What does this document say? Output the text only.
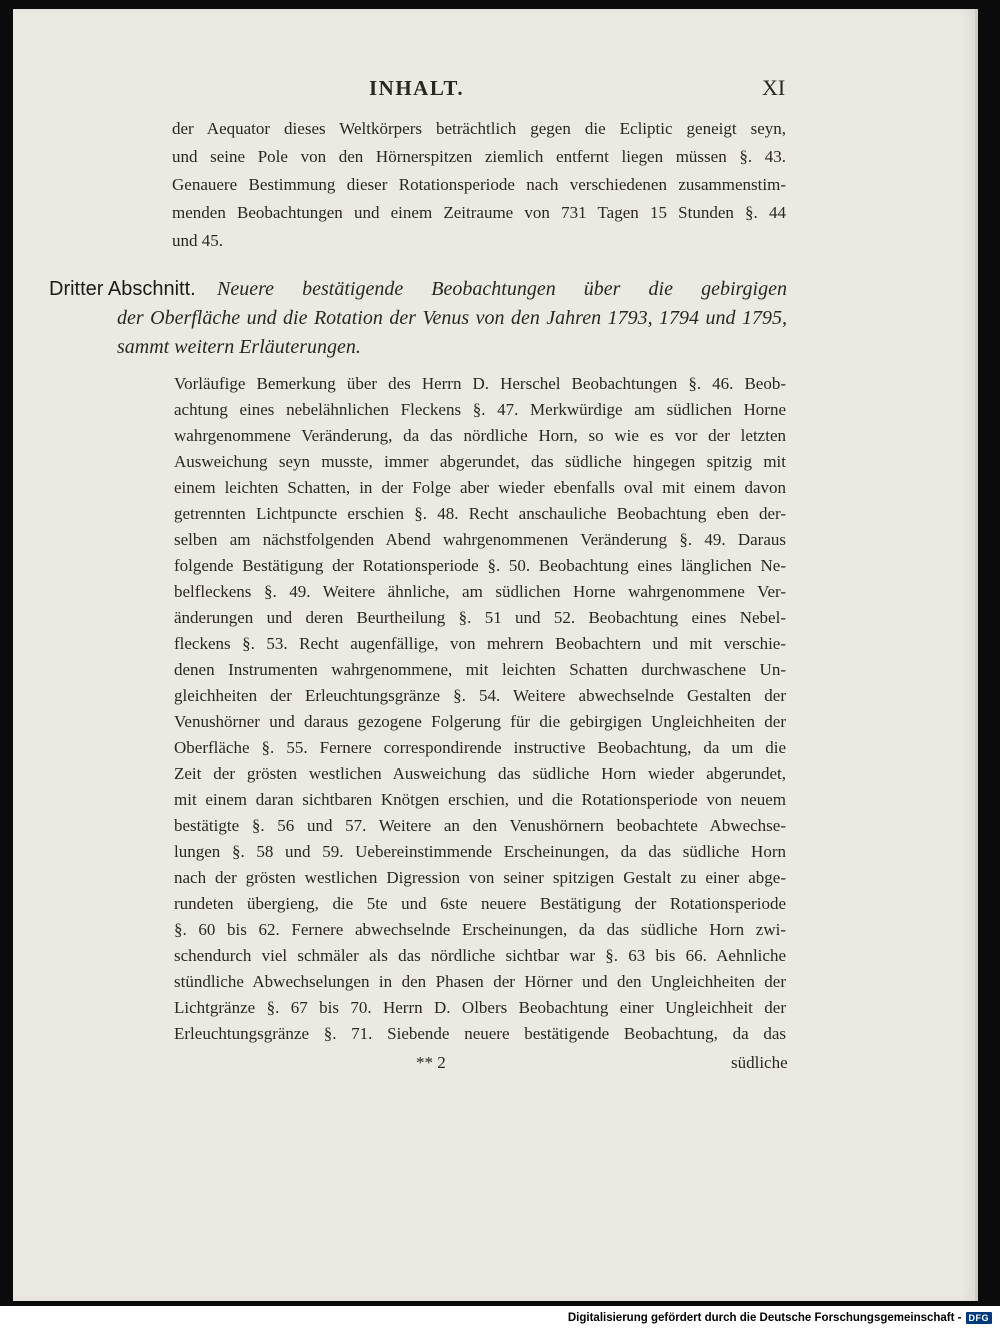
INHALT.	XI
der Aequator dieses Weltkörpers beträchtlich gegen die Ecliptic geneigt seyn,
und seine Pole von den Hörnerspitzen ziemlich entfernt liegen müssen §. 43.
Genauere Bestimmung dieser Rotationsperiode nach verschiedenen zusammenstim-
menden Beobachtungen und einem Zeitraume von 731 Tagen 15 Stunden §. 44
und 45.
Dritter Abschnitt. Neuere bestätigende Beobachtungen über die gebirgigen
der Oberfläche und die Rotation der Venus von den Jahren 1793, 1794 und 1795,
sammt weitern Erläuterungen.
Vorläufige Bemerkung über des Herrn D. Herschel Beobachtungen §. 46. Beob-
achtung eines nebelähnlichen Fleckens §. 47. Merkwürdige am südlichen Horne
wahrgenommene Veränderung, da das nördliche Horn, so wie es vor der letzten
Ausweichung seyn musste, immer abgerundet, das südliche hingegen spitzig mit
einem leichten Schatten, in der Folge aber wieder ebenfalls oval mit einem davon
getrennten Lichtpuncte erschien §. 48. Recht anschauliche Beobachtung eben der-
selben am nächstfolgenden Abend wahrgenommenen Veränderung §. 49. Daraus
folgende Bestätigung der Rotationsperiode §. 50. Beobachtung eines länglichen Ne-
belfleckens §. 49. Weitere ähnliche, am südlichen Horne wahrgenommene Ver-
änderungen und deren Beurtheilung §. 51 und 52. Beobachtung eines Nebel-
fleckens §. 53. Recht augenfällige, von mehrern Beobachtern und mit verschie-
denen Instrumenten wahrgenommene, mit leichten Schatten durchwaschene Un-
gleichheiten der Erleuchtungsgränze §. 54. Weitere abwechselnde Gestalten der
Venushörner und daraus gezogene Folgerung für die gebirgigen Ungleichheiten der
Oberfläche §. 55. Fernere correspondirende instructive Beobachtung, da um die
Zeit der grösten westlichen Ausweichung das südliche Horn wieder abgerundet,
mit einem daran sichtbaren Knötgen erschien, und die Rotationsperiode von neuem
bestätigte §. 56 und 57. Weitere an den Venushörnern beobachtete Abwechse-
lungen §. 58 und 59. Uebereinstimmende Erscheinungen, da das südliche Horn
nach der grösten westlichen Digression von seiner spitzigen Gestalt zu einer abge-
rundeten übergieng, die 5te und 6ste neuere Bestätigung der Rotationsperiode
§. 60 bis 62. Fernere abwechselnde Erscheinungen, da das südliche Horn zwi-
schendurch viel schmäler als das nördliche sichtbar war §. 63 bis 66. Aehnliche
stündliche Abwechselungen in den Phasen der Hörner und den Ungleichheiten der
Lichtgränze §. 67 bis 70. Herrn D. Olbers Beobachtung einer Ungleichheit der
Erleuchtungsgränze §. 71. Siebende neuere bestätigende Beobachtung, da das
** 2	südliche
Digitalisierung gefördert durch die Deutsche Forschungsgemeinschaft - DFG
